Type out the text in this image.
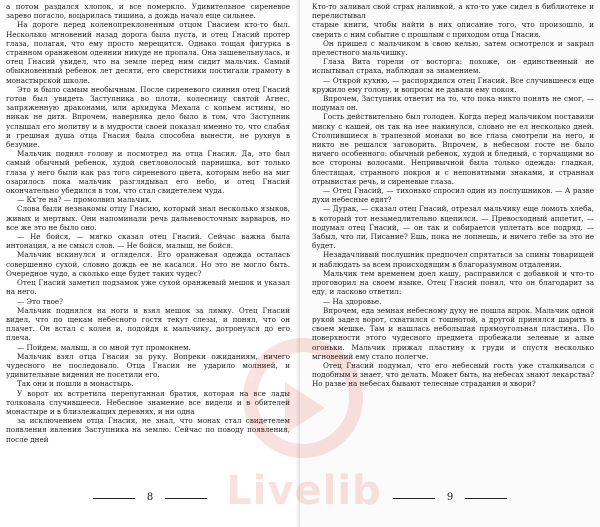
а потом раздался хлопок, и все померкло. Удивительное сиреневое зарево погасло, воцарилась тишина, а дождь начал еще сильнее.

На дороге перед коленопреклоненным отцом Гнасием кто-то был. Несколько мгновений назад дорога была пуста, и отец Гнасий протер глаза, полагая, что ему просто мерещится. Однако тощая фигурка в странном оранжевом одеянии никуде не пропала. Она зашевельнулась, и отец Гнасий увидел, что на земле перед ним сидит мальчик. Самый обыкновенный ребенок лет десяти, его сверстники постигали грамоту в монастырской школе.

Это и было самым необычным. После сиреневого сияния отец Гнасий готов был увидеть Заступника во плоти, колесницу святой Агнес, запряженную драконами, или архидука Мехала с копьем истины, но никак не дитя. Впрочем, наверняка дело было в том, что Заступник услышал его молитву и в мудрости своей показал именно то, что слабая и грешная душа отца Гнасия была способна вынести, не рухнув в безумие.

Мальчик поднял голову и посмотрел на отца Гнасия. Да, это был самый обычный ребенок, худой светловолосый парнишка, вот только глаза у него были как раз того сиреневого цвета, которым небо на миг озарилось пока мальчик разглядывал его небо, и отец Гнасий окончательно убедился в том, что стал свидетелем чуда.

— Кх'те на? — промолвил мальчик.

Слова были незнакомы отцу Гнасию, который знал несколько языков, живых и мертвых. Они напоминали речь дальневосточных варваров, но все же это не было оно.

— Не бойся, — мягко сказал отец Гнасий. Сейчас важна была интонация, а не смысл слов. — Не бойся, малыш, не бойся.

Мальчик вскинулся и огляделся. Его оранжевая одежда осталась совершенно сухой, словно дождь ее не касался. Но это не могло быть. Очередное чудо, а сколько еще будет таких чудес?

Отец Гнасий заметил подзамок уже сухой оранжевый мешок и указал на него.

— Это твое?

Мальчик поднялся на ноги и взял мешок за лямку. Отец Гнасий видел, что по щекам небесного гостя текут слезы, и понял, что он плачет. Он встал с колен и, подойдя к мальчику, дотронулся до его плеча.

— Пойдем, малыш, я со мной тут промокнем.

Мальчик взял отца Гнасия за руку. Вопреки ожиданиям, ничего чудесного не последовало. Отца Гнасия не ударило молнией, и удивительные видения не посетили его.

Так они и пошли в монастырь.

У ворот их встретила перепуганная братия, которая на все лады толковала случившееся. Небесное знамение все видели и в обителей монастыре и в близлежащих деревнях, и ни одна

за исключением отца Гнасия, не знал, что монах стал свидетелем появления явления Заступника на землю. Сейчас по поводу появления, после дней

8

Кто-то заливал свой страх наливкой, а кто-то уже сидел в библиотеке и перелистывал

старые книги, чтобы найти в них описание того, что произошло, и сверить с ним событие с прошлым с приходом отца Гнасия.

Он пришел с мальчиком в свою келью, затем осмотрелся и закрыл прелестного мальчишку.

Глаза Вита горели от восторга: похоже, он единственный не испытывал страха, наблюдая за знамением.

— Открой кухню, — распорядился отец Гнасий. Все случившееся еще кружило ему голову, и вопросы не давали ему покоя.

Впрочем, Заступник ответит на то, что пока никто понять не смог, — подумал он.

Гость действительно был голоден. Когда перед мальчиком поставили миску с кашей, он так на нее накинулся, словно не ел несколько дней. Столпившиеся в трапезной монахи во все глаза смотрели на него, и никто не решался заговорить. Впрочем, в небесном госте не было ничего особенного: обычный ребенок, худой и бледный, с торчащими во все стороны волосами. Непривычной была только одежда: гладкая, блестящая, странного покроя и с непонятными знаками, и странная отрывистая речь, и сиреневые глаза.

— Отец Гнасий, — тихонько спросил один из послушников. — А разве духи небесные едят?

— Дурак, — сказал отец Гнасий, отрезал мальчику еще ломоть хлеба, в который тот незамедлительно вцепился. — Превосходный аппетит, — подумал отец Гнасий, — он так и собирается уплетать все подряд. — Забыл, что ли, Писание? Ешь, пока не лопнешь, и ничего тебе за это не будет.

Незадачливый послушник предпочел спрятаться за спины товарищей и наблюдать за всем происходящим в благоразумном отдалении.

Мальчик тем временем доел кашу, расправился с добавкой и что-то проговорил на своем языке. Отец Гнасий понял, что он благодарит за еду, и ласково ответил:

— На здоровье.

Впрочем, еда земная небесному духу не пошла впрок. Мальчик одной рукой задел ворот, схватился с тошнотой, а другой принялся шарить в своем мешке. Там и нашлась небольшая прямоугольная пластина. По поверхности этого чудесного предмета пробежали зеленые и алые огоньки. Мальчик прижал пластину к груди и спустя несколько мгновений ему стало полегче.

Отец Гнасий подумал, что его небесный гость уже сталкивался с подобным и знает, что делать. Может быть, на небесах знают лекарства? Но разве на небесах бывают телесные страдания и хвори?

9
